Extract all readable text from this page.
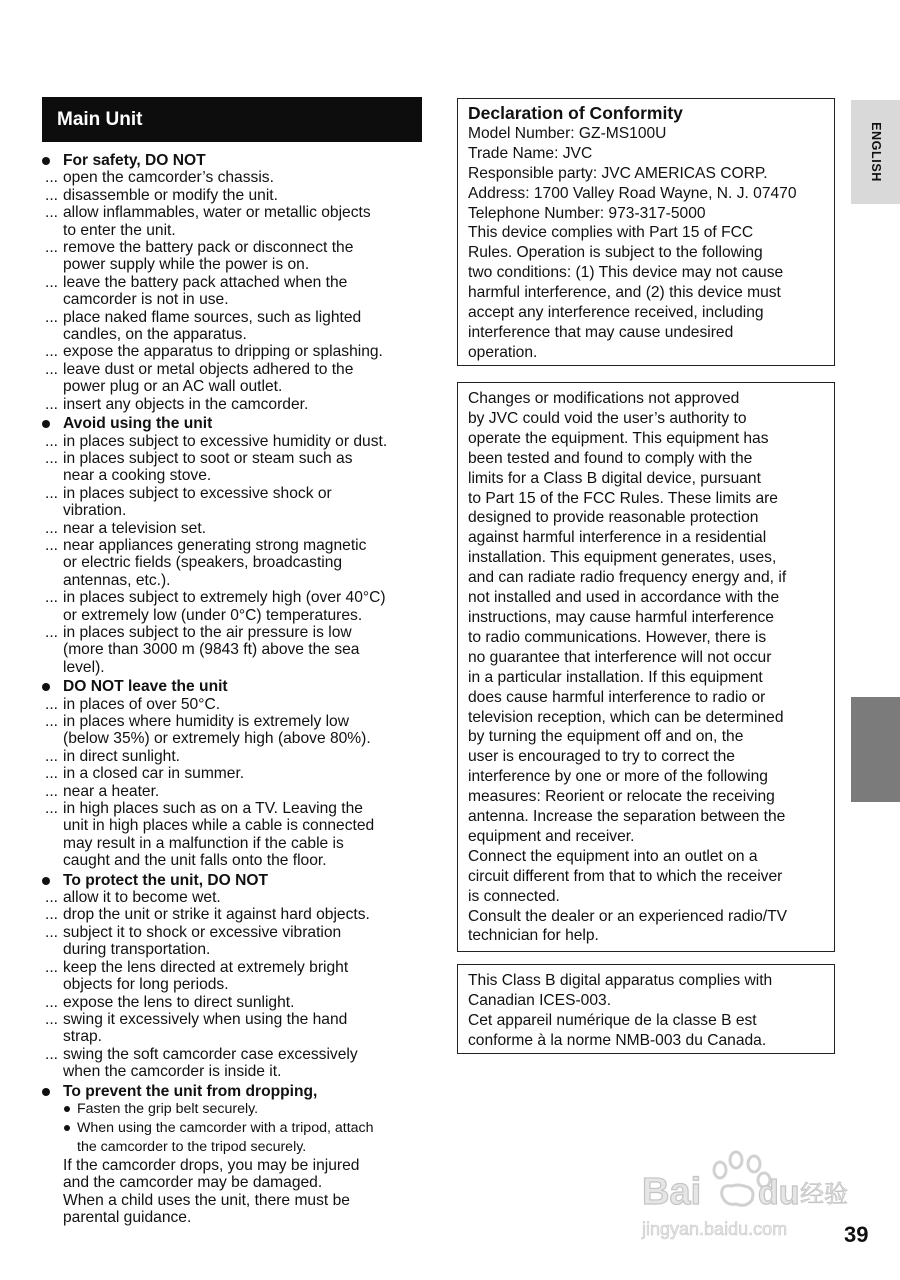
Main Unit
For safety, DO NOT
... open the camcorder’s chassis.
... disassemble or modify the unit.
... allow inflammables, water or metallic objects
to enter the unit.
... remove the battery pack or disconnect the
power supply while the power is on.
... leave the battery pack attached when the
camcorder is not in use.
... place naked flame sources, such as lighted
candles, on the apparatus.
... expose the apparatus to dripping or splashing.
... leave dust or metal objects adhered to the
power plug or an AC wall outlet.
... insert any objects in the camcorder.
Avoid using the unit
... in places subject to excessive humidity or dust.
... in places subject to soot or steam such as
near a cooking stove.
... in places subject to excessive shock or
vibration.
... near a television set.
... near appliances generating strong magnetic
or electric fields (speakers, broadcasting
antennas, etc.).
... in places subject to extremely high (over 40°C)
or extremely low (under 0°C) temperatures.
... in places subject to the air pressure is low
(more than 3000 m (9843 ft) above the sea
level).
DO NOT leave the unit
... in places of over 50°C.
... in places where humidity is extremely low
(below 35%) or extremely high (above 80%).
... in direct sunlight.
... in a closed car in summer.
... near a heater.
... in high places such as on a TV. Leaving the
unit in high places while a cable is connected
may result in a malfunction if the cable is
caught and the unit falls onto the floor.
To protect the unit, DO NOT
... allow it to become wet.
... drop the unit or strike it against hard objects.
... subject it to shock or excessive vibration
during transportation.
... keep the lens directed at extremely bright
objects for long periods.
... expose the lens to direct sunlight.
... swing it excessively when using the hand
strap.
... swing the soft camcorder case excessively
when the camcorder is inside it.
To prevent the unit from dropping,
Fasten the grip belt securely.
When using the camcorder with a tripod, attach
the camcorder to the tripod securely.
If the camcorder drops, you may be injured
and the camcorder may be damaged.
When a child uses the unit, there must be
parental guidance.

Declaration of Conformity

Model Number: GZ-MS100U

Trade Name: JVC

Responsible party: JVC AMERICAS CORP.

Address: 1700 Valley Road Wayne, N. J. 07470

Telephone Number: 973-317-5000

This device complies with Part 15 of FCC

Rules. Operation is subject to the following

two conditions: (1) This device may not cause

harmful interference, and (2) this device must

accept any interference received, including

interference that may cause undesired

operation.

Changes or modifications not approved

by JVC could void the user’s authority to

operate the equipment. This equipment has

been tested and found to comply with the

limits for a Class B digital device, pursuant

to Part 15 of the FCC Rules. These limits are

designed to provide reasonable protection

against harmful interference in a residential

installation. This equipment generates, uses,

and can radiate radio frequency energy and, if

not installed and used in accordance with the

instructions, may cause harmful interference

to radio communications. However, there is

no guarantee that interference will not occur

in a particular installation. If this equipment

does cause harmful interference to radio or

television reception, which can be determined

by turning the equipment off and on, the

user is encouraged to try to correct the

interference by one or more of the following

measures: Reorient or relocate the receiving

antenna. Increase the separation between the

equipment and receiver.

Connect the equipment into an outlet on a

circuit different from that to which the receiver

is connected.

Consult the dealer or an experienced radio/TV

technician for help.

This Class B digital apparatus complies with

Canadian ICES-003.

Cet appareil numérique de la classe B est

conforme à la norme NMB-003 du Canada.

ENGLISH
Bai du 经验
jingyan.baidu.com	39
